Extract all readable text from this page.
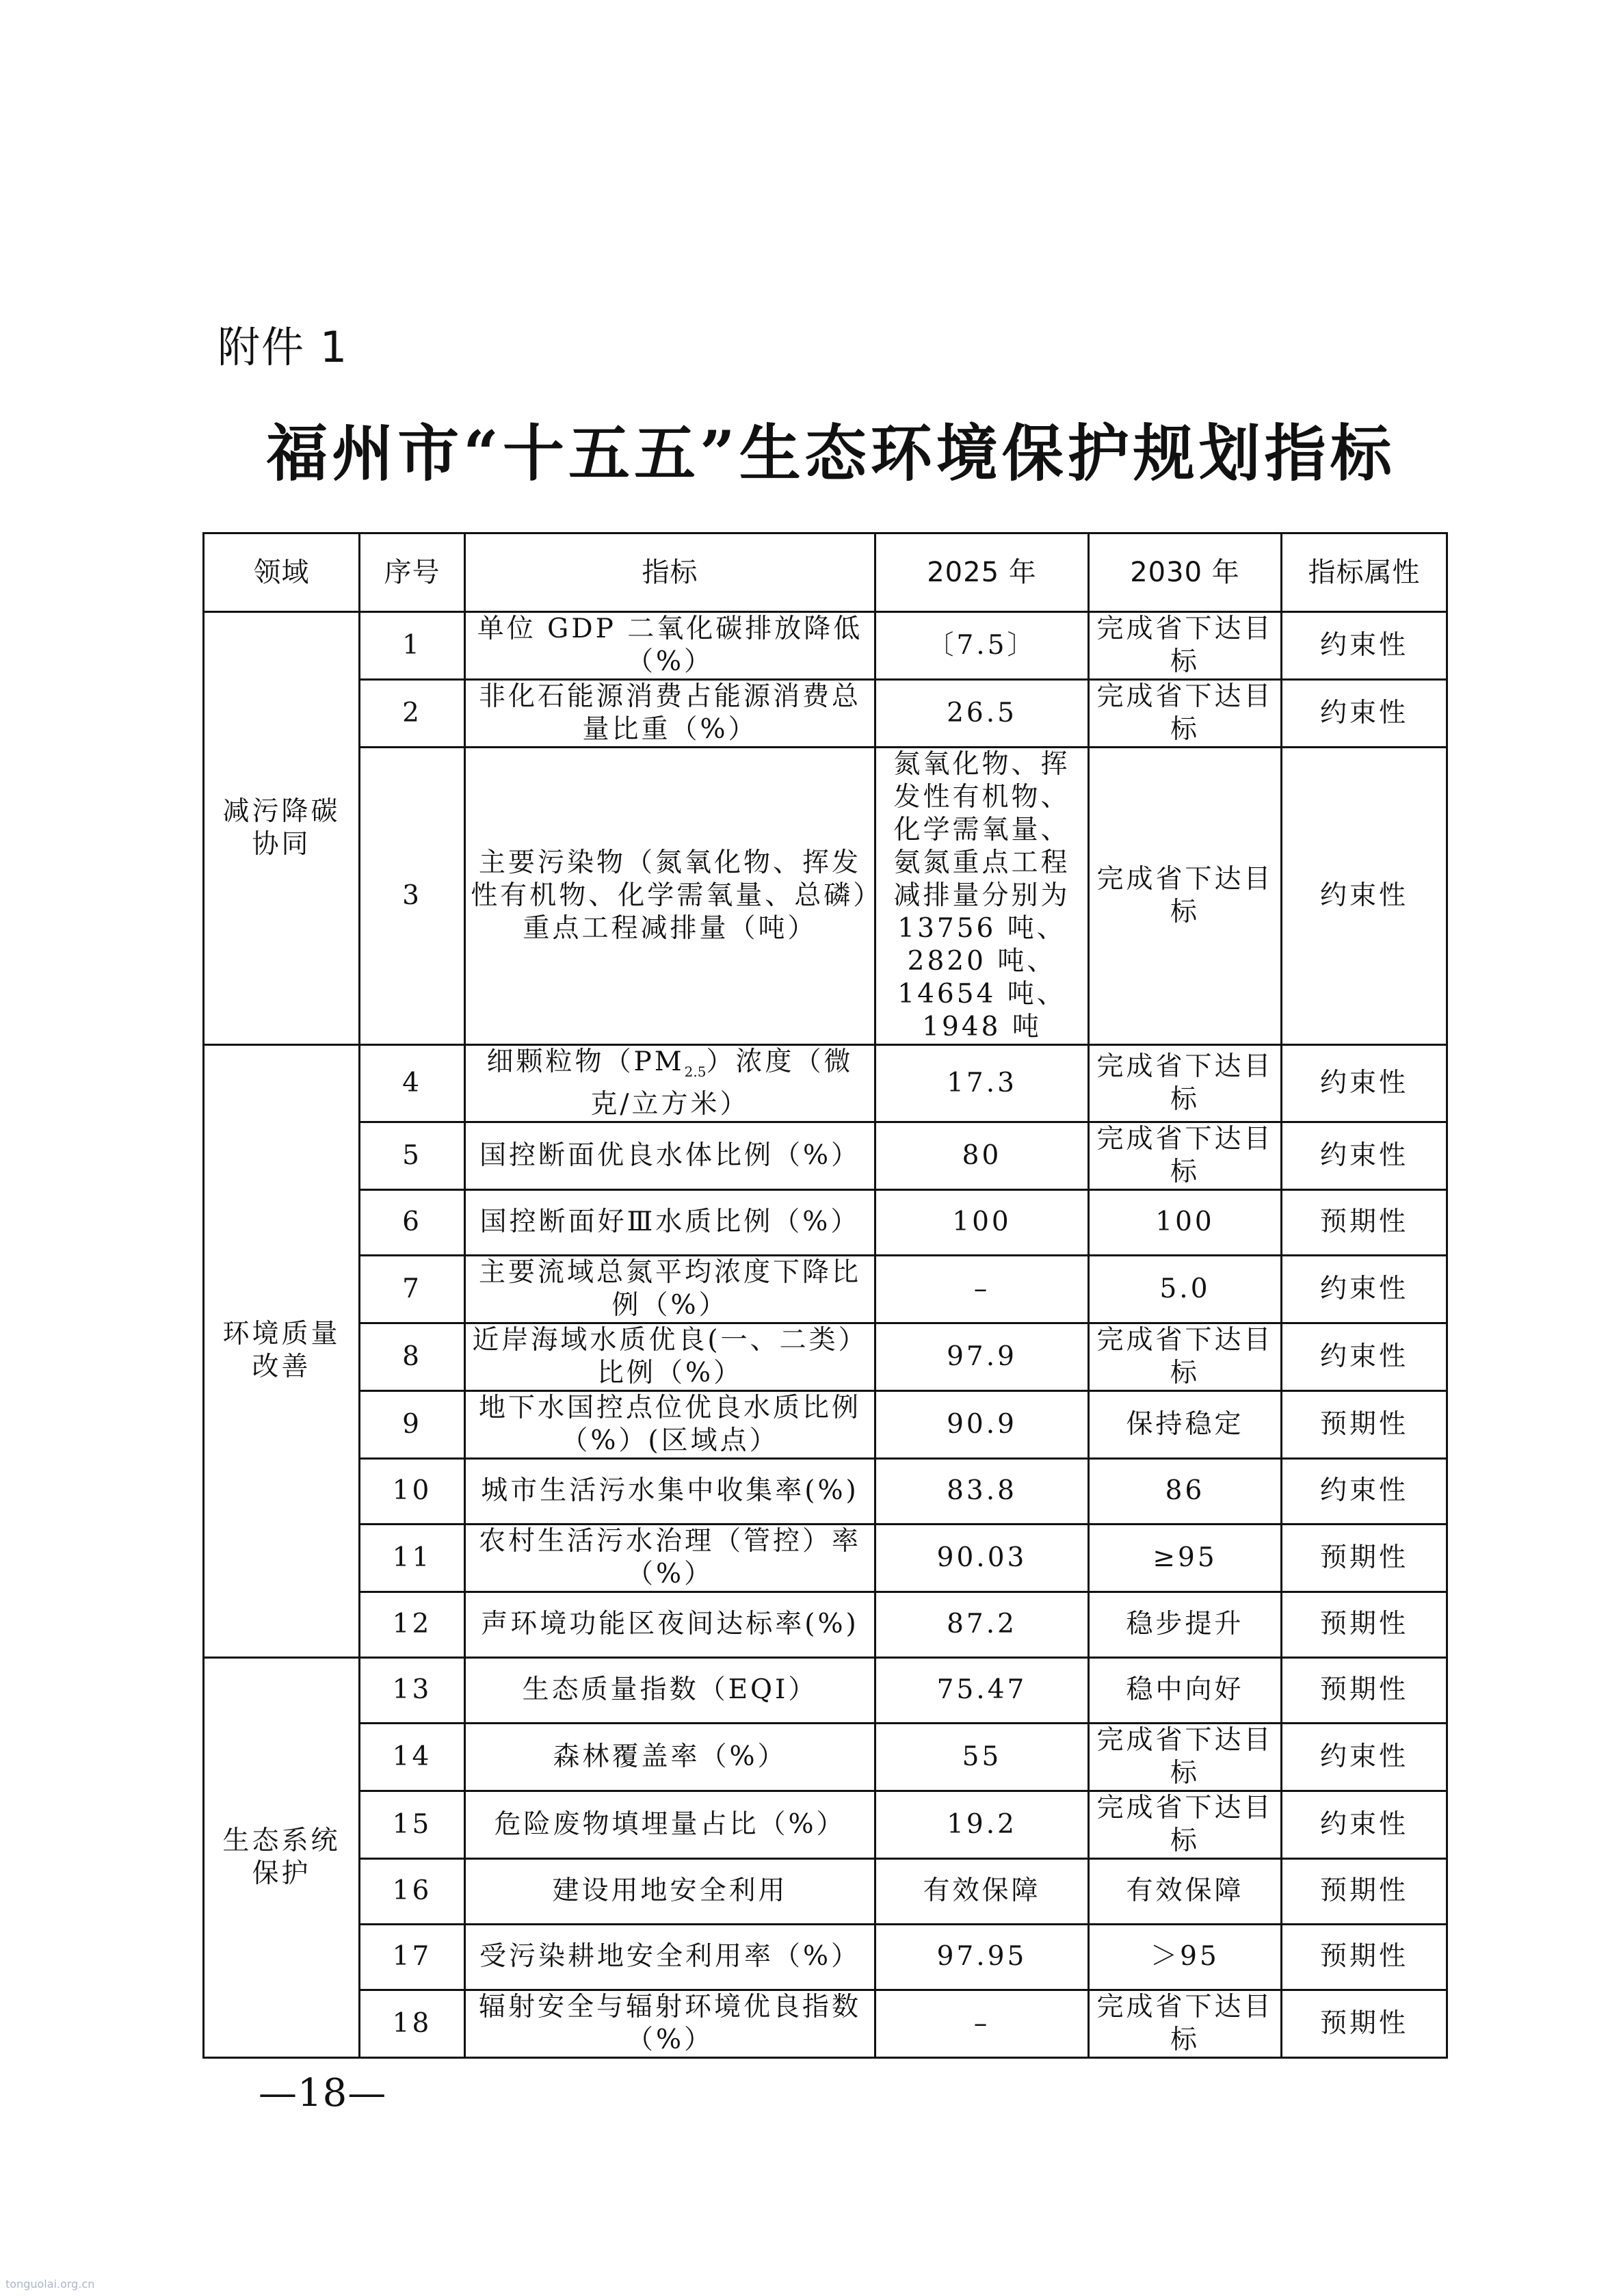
附件 1
福州市“十五五”生态环境保护规划指标
领域	序号	指标	2025 年	2030 年	指标属性
减污降碳协同	1	单位 GDP 二氧化碳排放降低（%）	〔7.5〕	完成省下达目标	约束性
	2	非化石能源消费占能源消费总量比重（%）	26.5	完成省下达目标	约束性
	3	主要污染物（氮氧化物、挥发性有机物、化学需氧量、总磷）重点工程减排量（吨）	氮氧化物、挥发性有机物、化学需氧量、氨氮重点工程减排量分别为 13756 吨、2820 吨、14654 吨、1948 吨	完成省下达目标	约束性
环境质量改善	4	细颗粒物$(PM_{2.5})$浓度（微克/立方米）	17.3	完成省下达目标	约束性
	5	国控断面优良水体比例（%）	80	完成省下达目标	约束性
	6	国控断面好Ⅲ水质比例（%）	100	100	预期性
	7	主要流域总氮平均浓度下降比例（%）	–	5.0	约束性
	8	近岸海域水质优良(一、二类）比例（%）	97.9	完成省下达目标	约束性
	9	地下水国控点位优良水质比例（%）(区域点）	90.9	保持稳定	预期性
	10	城市生活污水集中收集率(%)	83.8	86	约束性
	11	农村生活污水治理（管控）率（%）	90.03	≥95	预期性
	12	声环境功能区夜间达标率(%)	87.2	稳步提升	预期性
生态系统保护	13	生态质量指数（EQI）	75.47	稳中向好	预期性
	14	森林覆盖率（%）	55	完成省下达目标	约束性
	15	危险废物填埋量占比（%）	19.2	完成省下达目标	约束性
	16	建设用地安全利用	有效保障	有效保障	预期性
	17	受污染耕地安全利用率（%）	97.95	＞95	预期性
	18	辐射安全与辐射环境优良指数（%）	–	完成省下达目标	预期性
—18—
tonguolai.org.cn
